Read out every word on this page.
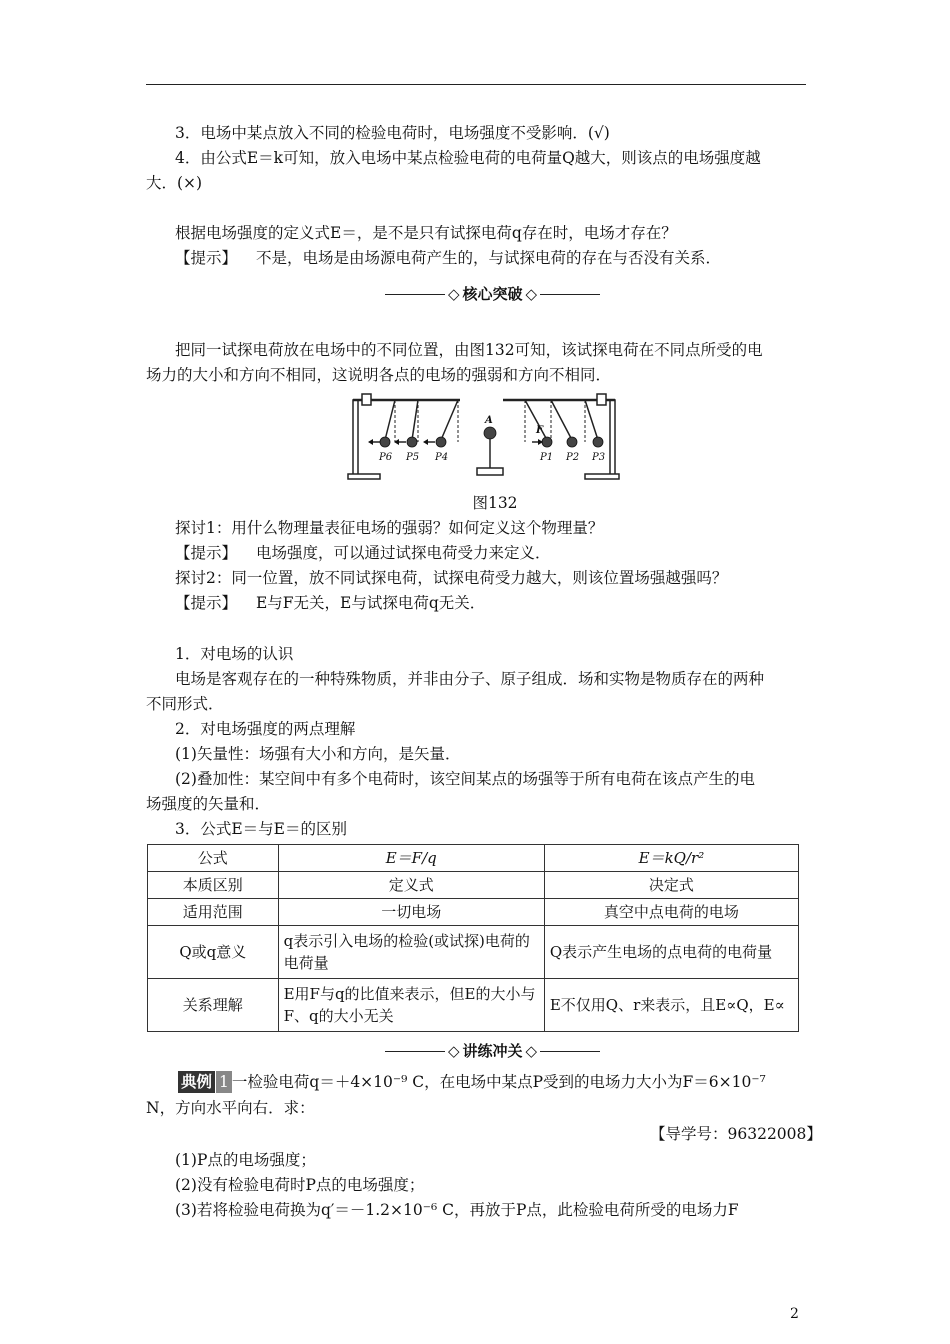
3．电场中某点放入不同的检验电荷时，电场强度不受影响．(√)
4．由公式E＝k可知，放入电场中某点检验电荷的电荷量Q越大，则该点的电场强度越
大．(×)
根据电场强度的定义式E＝，是不是只有试探电荷q存在时，电场才存在？
【提示】 不是，电场是由场源电荷产生的，与试探电荷的存在与否没有关系．
◇ 核心突破 ◇
把同一试探电荷放在电场中的不同位置，由图132可知，该试探电荷在不同点所受的电
场力的大小和方向不相同，这说明各点的电场的强弱和方向不相同．
A
F
P6 P5 P4	P1 P2 P3
图132
探讨1：用什么物理量表征电场的强弱？如何定义这个物理量？
【提示】 电场强度，可以通过试探电荷受力来定义．
探讨2：同一位置，放不同试探电荷，试探电荷受力越大，则该位置场强越强吗？
【提示】 E与F无关，E与试探电荷q无关．
1．对电场的认识
电场是客观存在的一种特殊物质，并非由分子、原子组成．场和实物是物质存在的两种
不同形式．
2．对电场强度的两点理解
(1)矢量性：场强有大小和方向，是矢量．
(2)叠加性：某空间中有多个电荷时，该空间某点的场强等于所有电荷在该点产生的电
场强度的矢量和．
3．公式E＝与E＝的区别
公式	E＝F/q	E＝kQ/r²
本质区别	定义式	决定式
适用范围	一切电场	真空中点电荷的电场
Q或q意义	q表示引入电场的检验(或试探)电荷的电荷量	Q表示产生电场的点电荷的电荷量
关系理解	E用F与q的比值来表示，但E的大小与F、q的大小无关	E不仅用Q、r来表示，且E∝Q，E∝
◇ 讲练冲关 ◇
典例 1 一检验电荷q＝＋4×10⁻⁹ C，在电场中某点P受到的电场力大小为F＝6×10⁻⁷
N，方向水平向右．求：
【导学号：96322008】
(1)P点的电场强度；
(2)没有检验电荷时P点的电场强度；
(3)若将检验电荷换为q′＝－1.2×10⁻⁶ C，再放于P点，此检验电荷所受的电场力F
2
